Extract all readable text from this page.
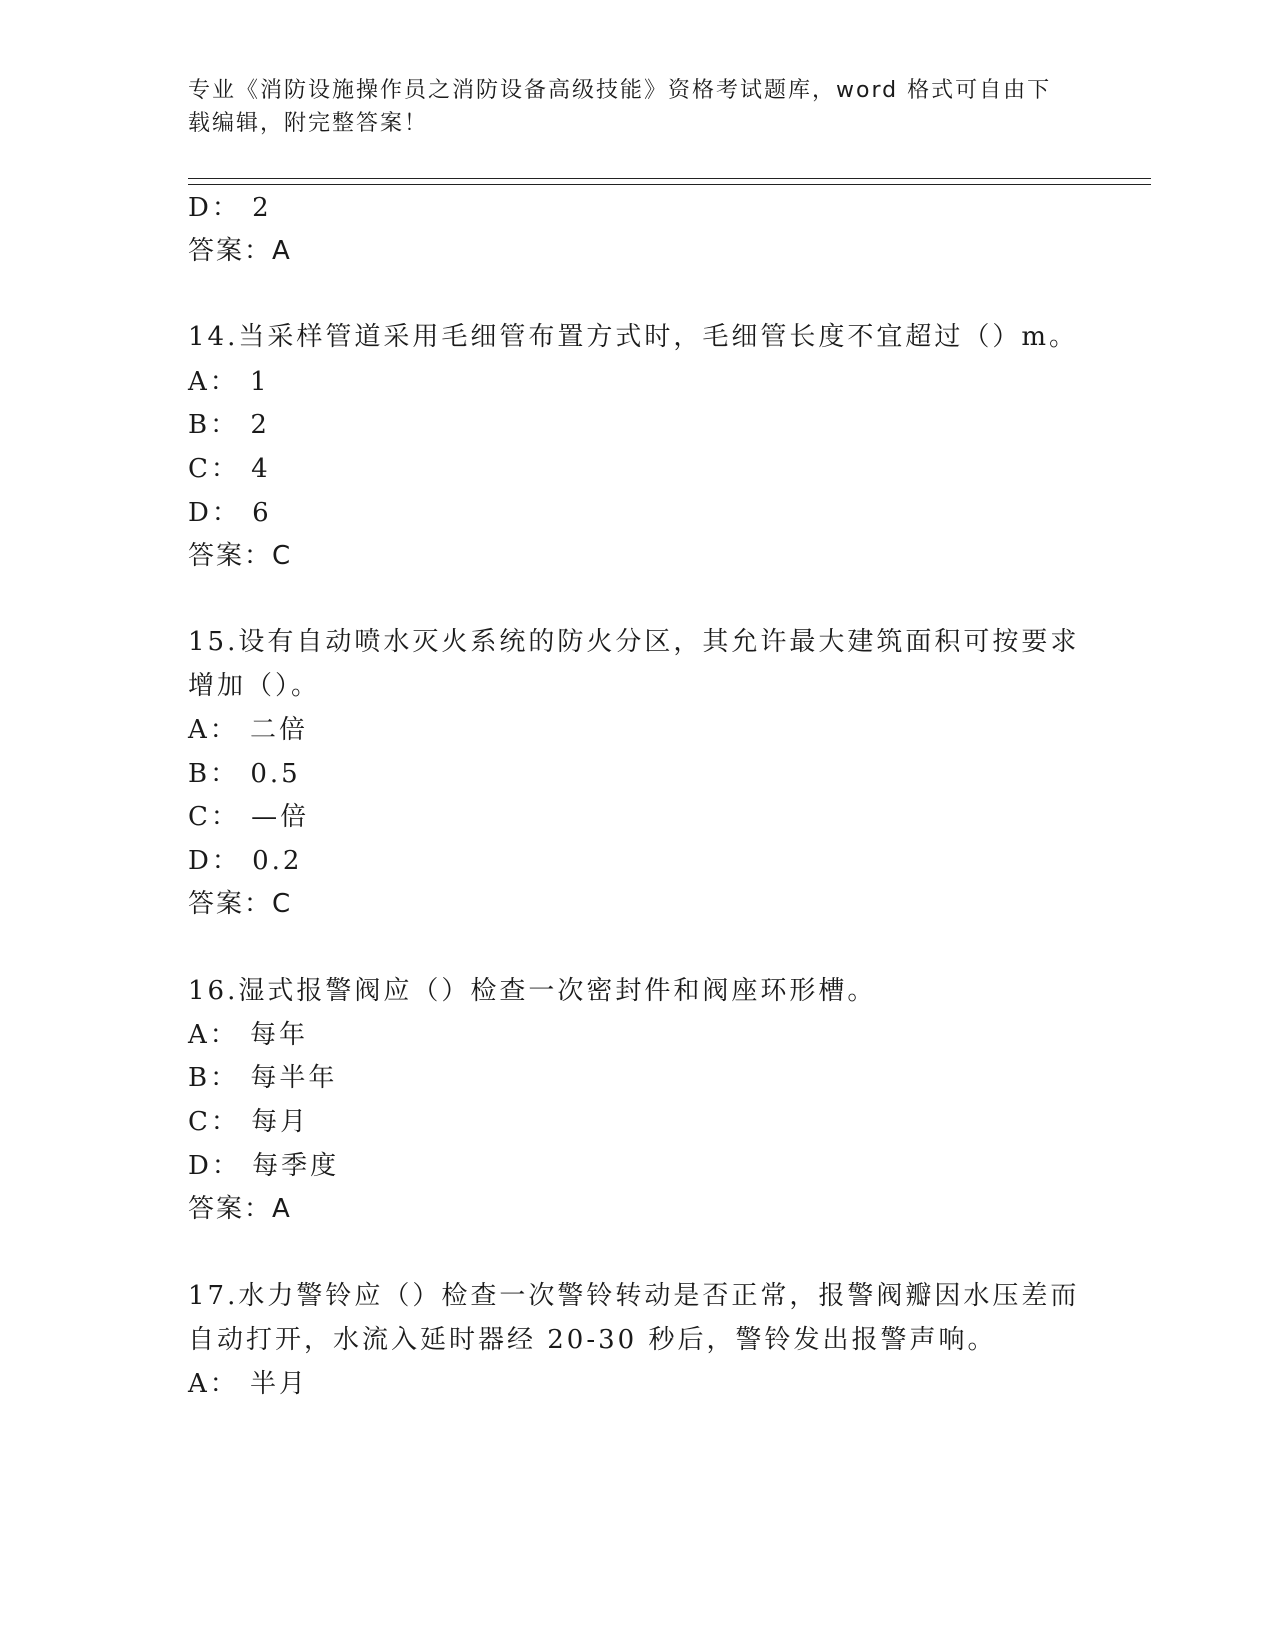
专业《消防设施操作员之消防设备高级技能》资格考试题库，word 格式可自由下
载编辑，附完整答案！
D： 2
答案：A
14.当采样管道采用毛细管布置方式时，毛细管长度不宜超过（）m。
A： 1
B： 2
C： 4
D： 6
答案：C
15.设有自动喷水灭火系统的防火分区，其允许最大建筑面积可按要求
增加（）。
A： 二倍
B： 0.5
C： —倍
D： 0.2
答案：C
16.湿式报警阀应（）检查一次密封件和阀座环形槽。
A： 每年
B： 每半年
C： 每月
D： 每季度
答案：A
17.水力警铃应（）检查一次警铃转动是否正常，报警阀瓣因水压差而
自动打开，水流入延时器经 20-30 秒后，警铃发出报警声响。
A： 半月
